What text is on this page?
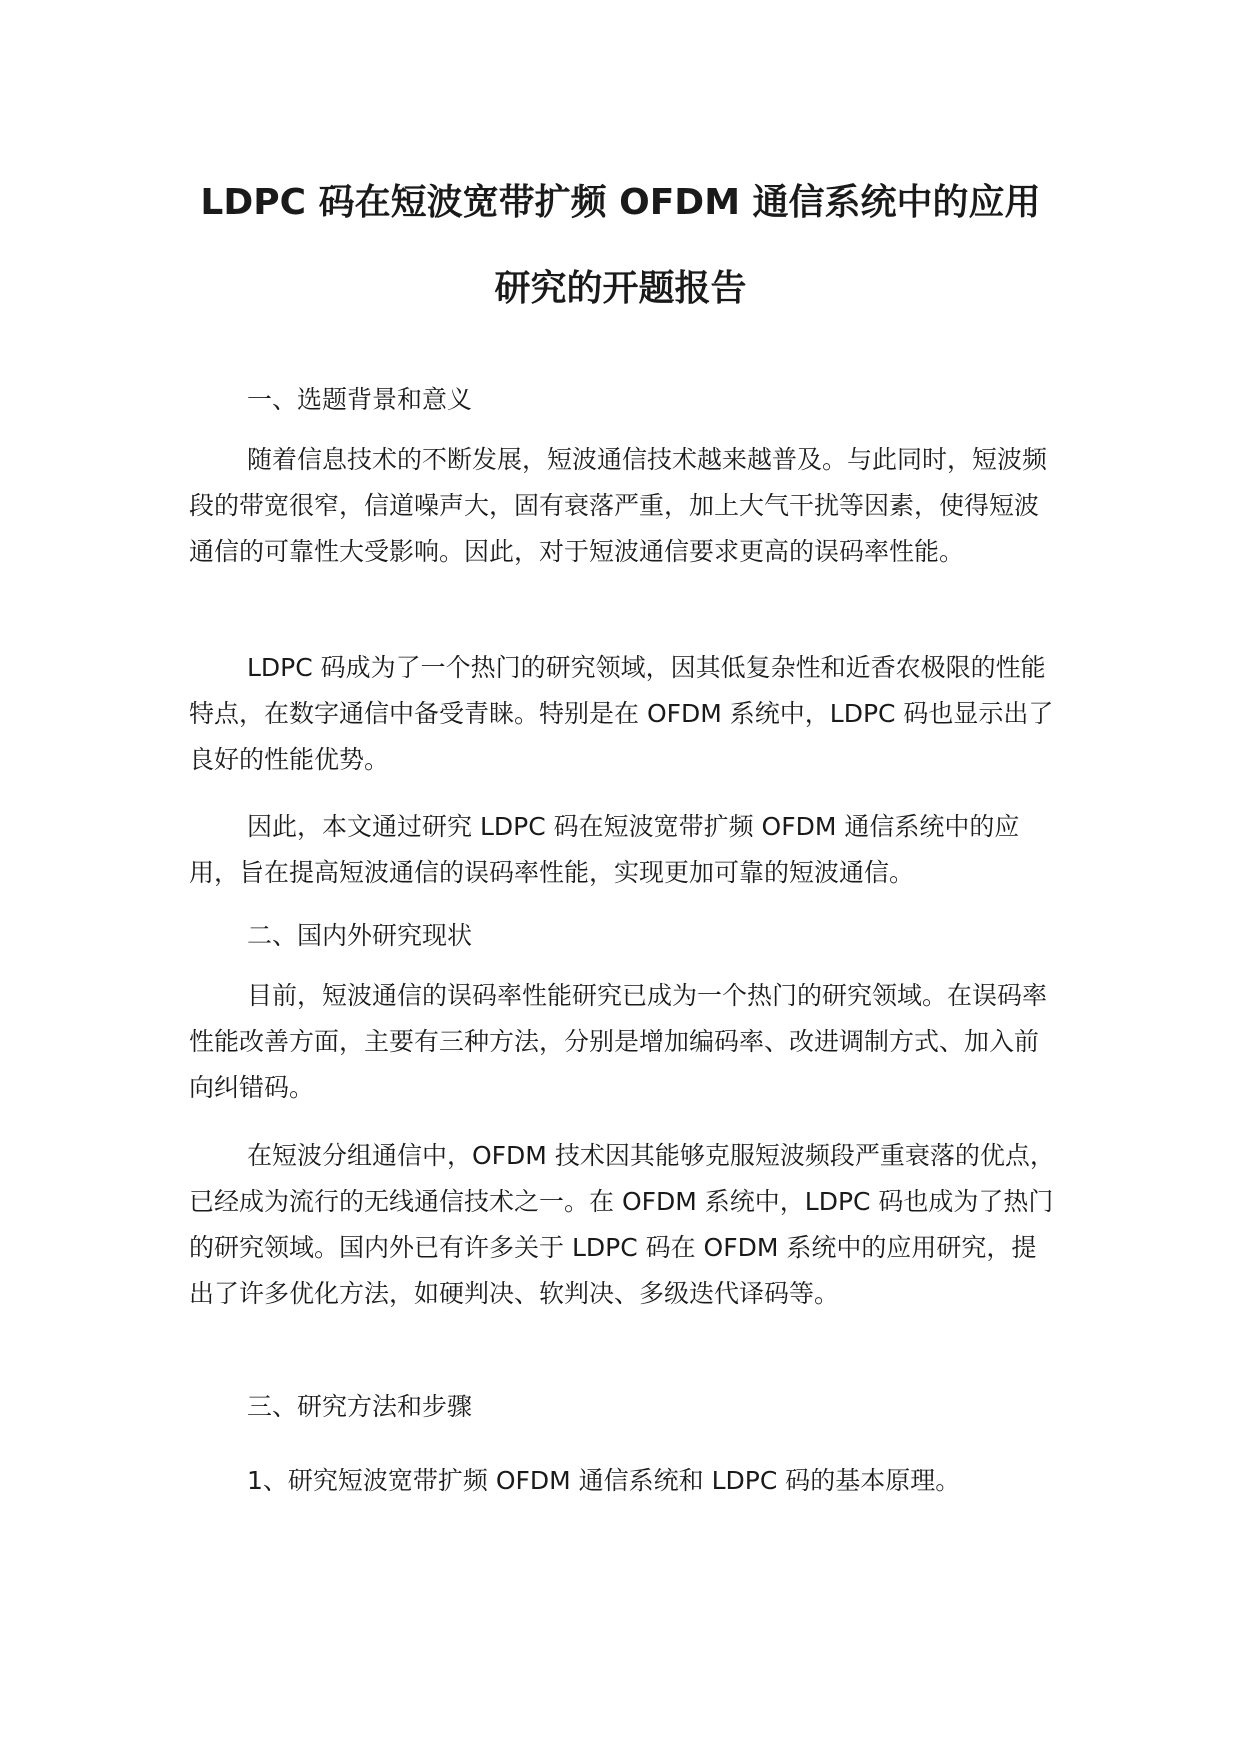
LDPC 码在短波宽带扩频 OFDM 通信系统中的应用
研究的开题报告

一、选题背景和意义

随着信息技术的不断发展，短波通信技术越来越普及。与此同时，短波频段的带宽很窄，信道噪声大，固有衰落严重，加上大气干扰等因素，使得短波通信的可靠性大受影响。因此，对于短波通信要求更高的误码率性能。

LDPC 码成为了一个热门的研究领域，因其低复杂性和近香农极限的性能特点，在数字通信中备受青睐。特别是在 OFDM 系统中，LDPC 码也显示出了良好的性能优势。

因此，本文通过研究 LDPC 码在短波宽带扩频 OFDM 通信系统中的应用，旨在提高短波通信的误码率性能，实现更加可靠的短波通信。

二、国内外研究现状

目前，短波通信的误码率性能研究已成为一个热门的研究领域。在误码率性能改善方面，主要有三种方法，分别是增加编码率、改进调制方式、加入前向纠错码。

在短波分组通信中，OFDM 技术因其能够克服短波频段严重衰落的优点，已经成为流行的无线通信技术之一。在 OFDM 系统中，LDPC 码也成为了热门的研究领域。国内外已有许多关于 LDPC 码在 OFDM 系统中的应用研究，提出了许多优化方法，如硬判决、软判决、多级迭代译码等。

三、研究方法和步骤

1、研究短波宽带扩频 OFDM 通信系统和 LDPC 码的基本原理。
